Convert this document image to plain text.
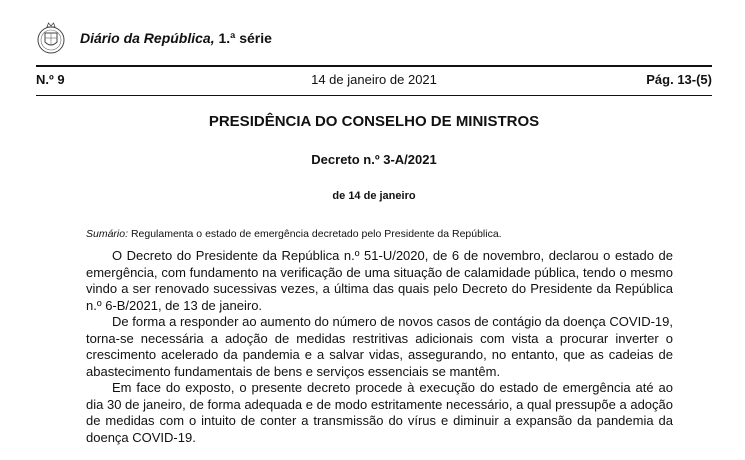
Diário da República, 1.ª série
N.º 9	14 de janeiro de 2021	Pág. 13-(5)
PRESIDÊNCIA DO CONSELHO DE MINISTROS
Decreto n.º 3-A/2021
de 14 de janeiro
Sumário: Regulamenta o estado de emergência decretado pelo Presidente da República.

O Decreto do Presidente da República n.º 51-U/2020, de 6 de novembro, declarou o estado de emergência, com fundamento na verificação de uma situação de calamidade pública, tendo o mesmo vindo a ser renovado sucessivas vezes, a última das quais pelo Decreto do Presidente da República n.º 6-B/2021, de 13 de janeiro.

De forma a responder ao aumento do número de novos casos de contágio da doença COVID-19, torna-se necessária a adoção de medidas restritivas adicionais com vista a procurar inverter o crescimento acelerado da pandemia e a salvar vidas, assegurando, no entanto, que as cadeias de abastecimento fundamentais de bens e serviços essenciais se mantêm.

Em face do exposto, o presente decreto procede à execução do estado de emergência até ao dia 30 de janeiro, de forma adequada e de modo estritamente necessário, a qual pressupõe a adoção de medidas com o intuito de conter a transmissão do vírus e diminuir a expansão da pandemia da doença COVID-19.
